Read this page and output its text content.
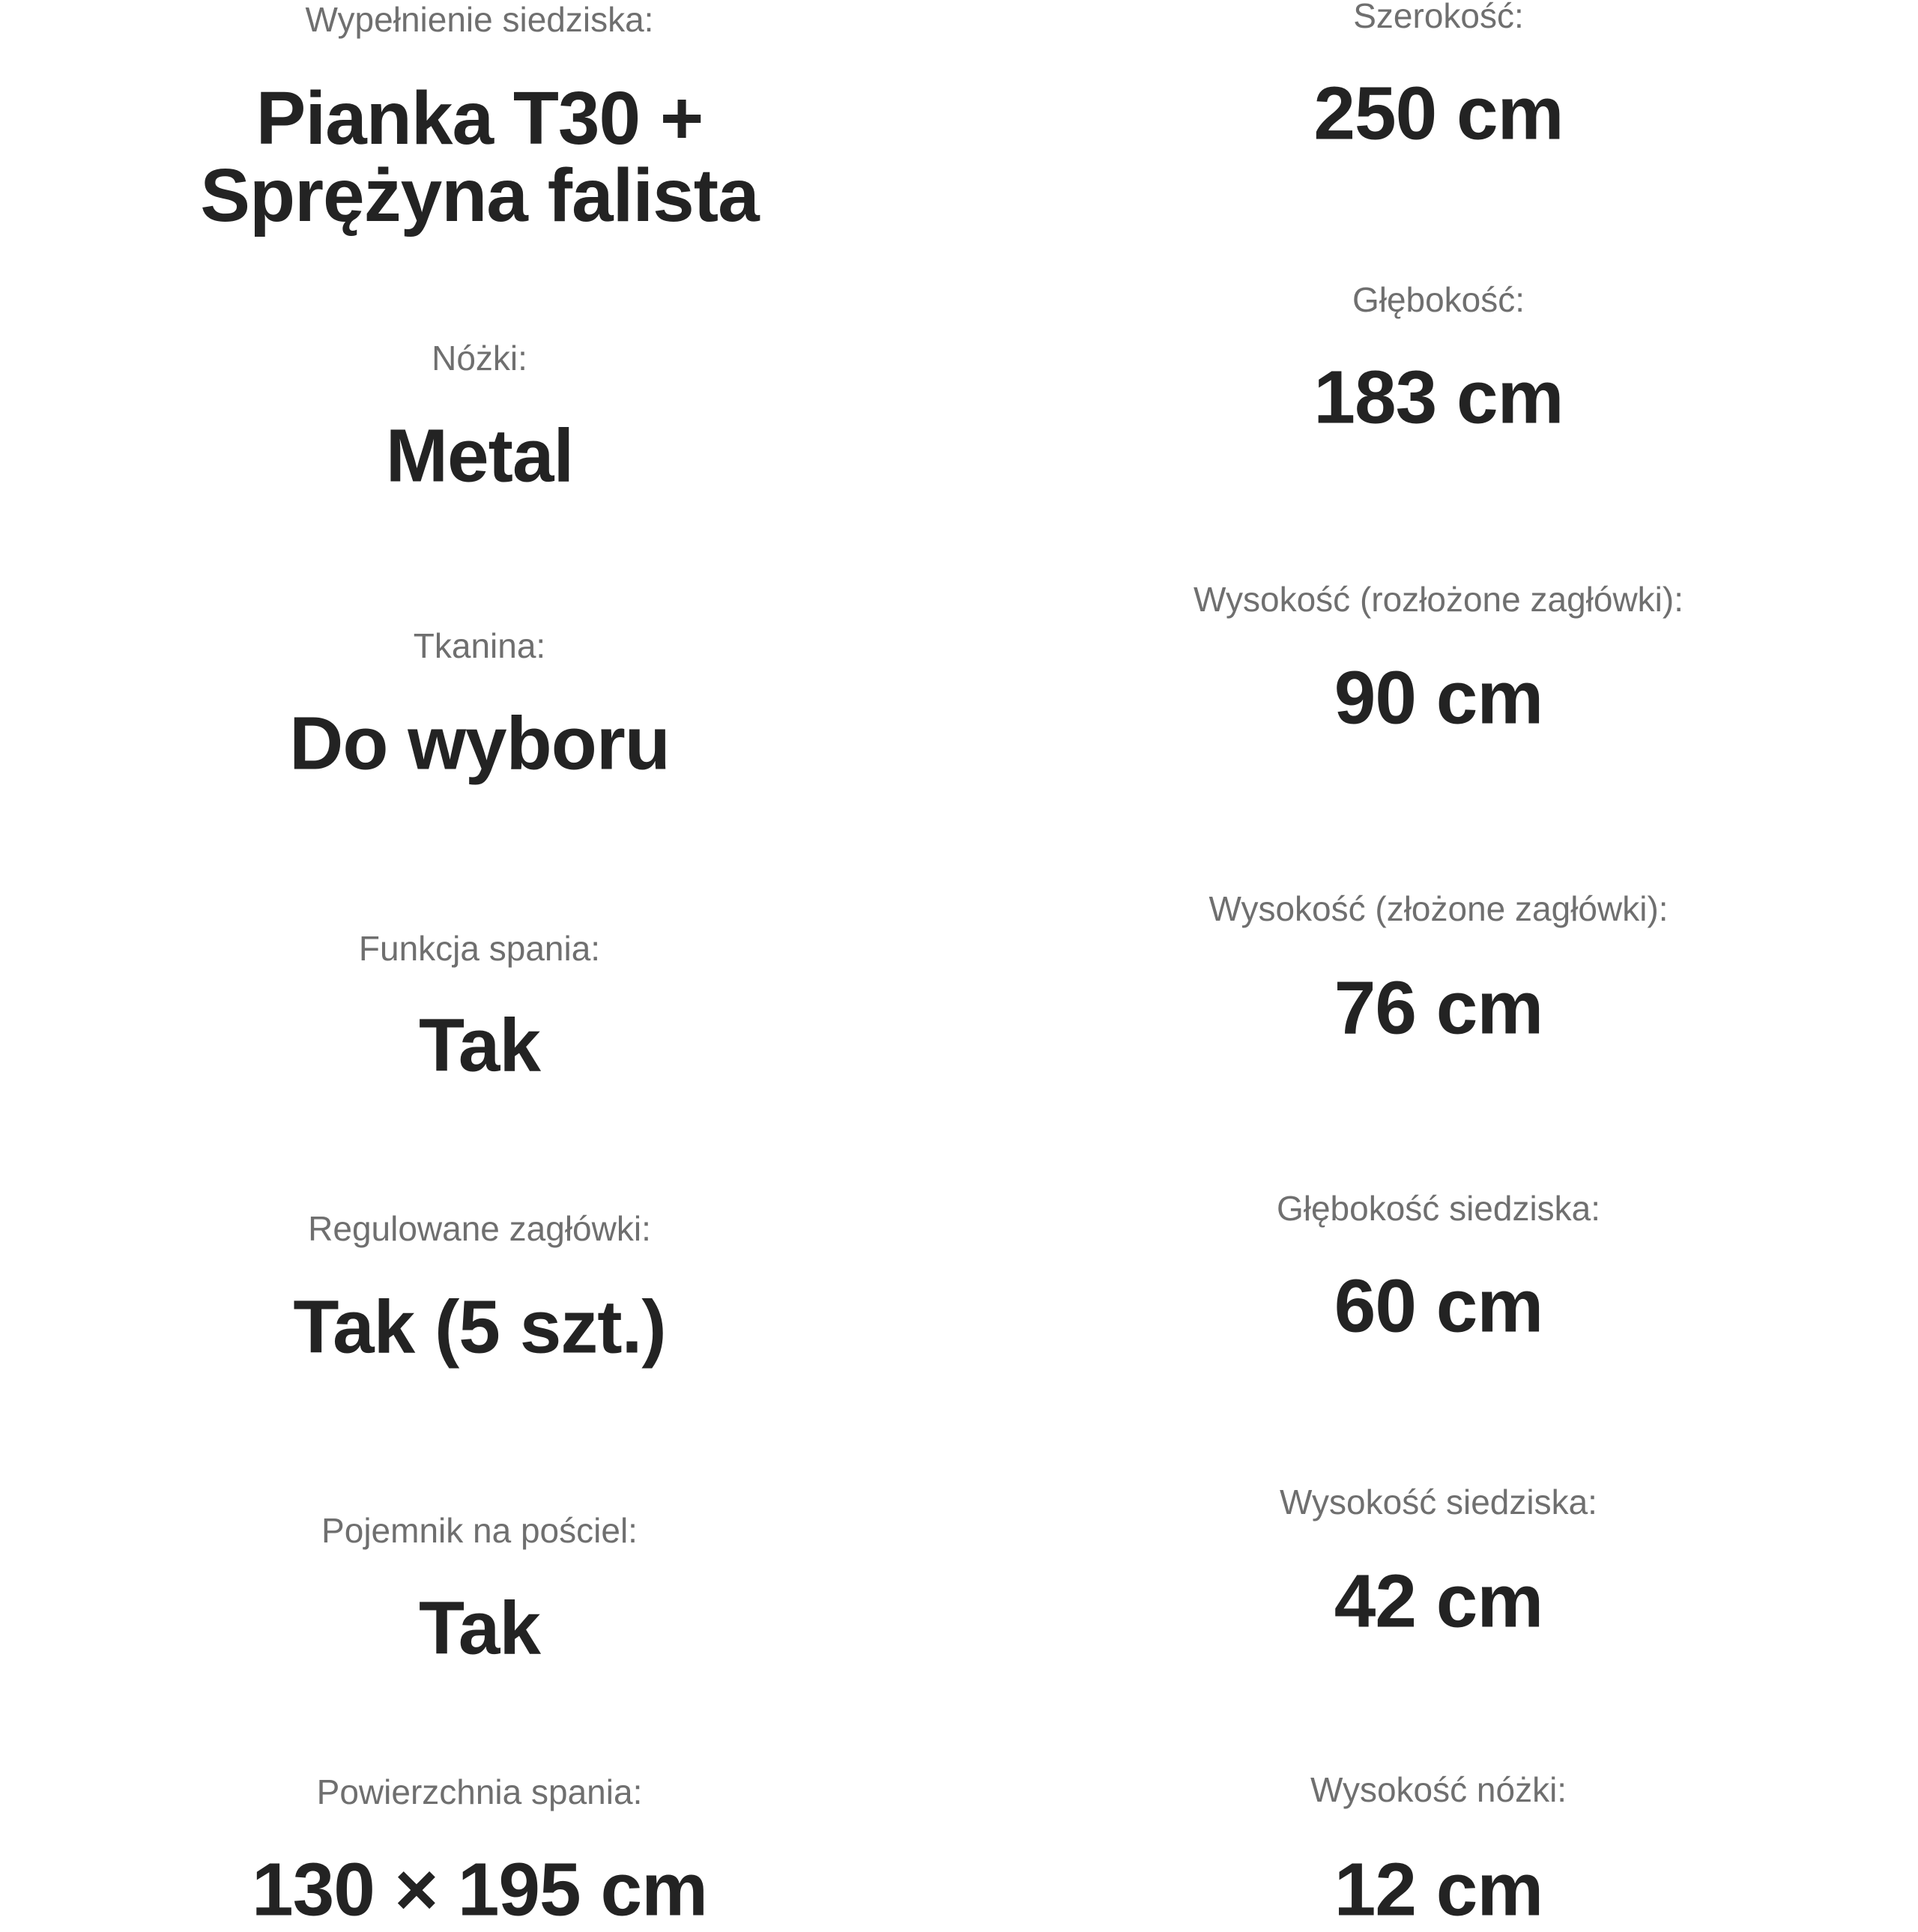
Wypełnienie siedziska:
Pianka T30 +
Sprężyna falista
Nóżki:
Metal
Tkanina:
Do wyboru
Funkcja spania:
Tak
Regulowane zagłówki:
Tak (5 szt.)
Pojemnik na pościel:
Tak
Powierzchnia spania:
130 × 195 cm
Szerokość:
250 cm
Głębokość:
183 cm
Wysokość (rozłożone zagłówki):
90 cm
Wysokość (złożone zagłówki):
76 cm
Głębokość siedziska:
60 cm
Wysokość siedziska:
42 cm
Wysokość nóżki:
12 cm
